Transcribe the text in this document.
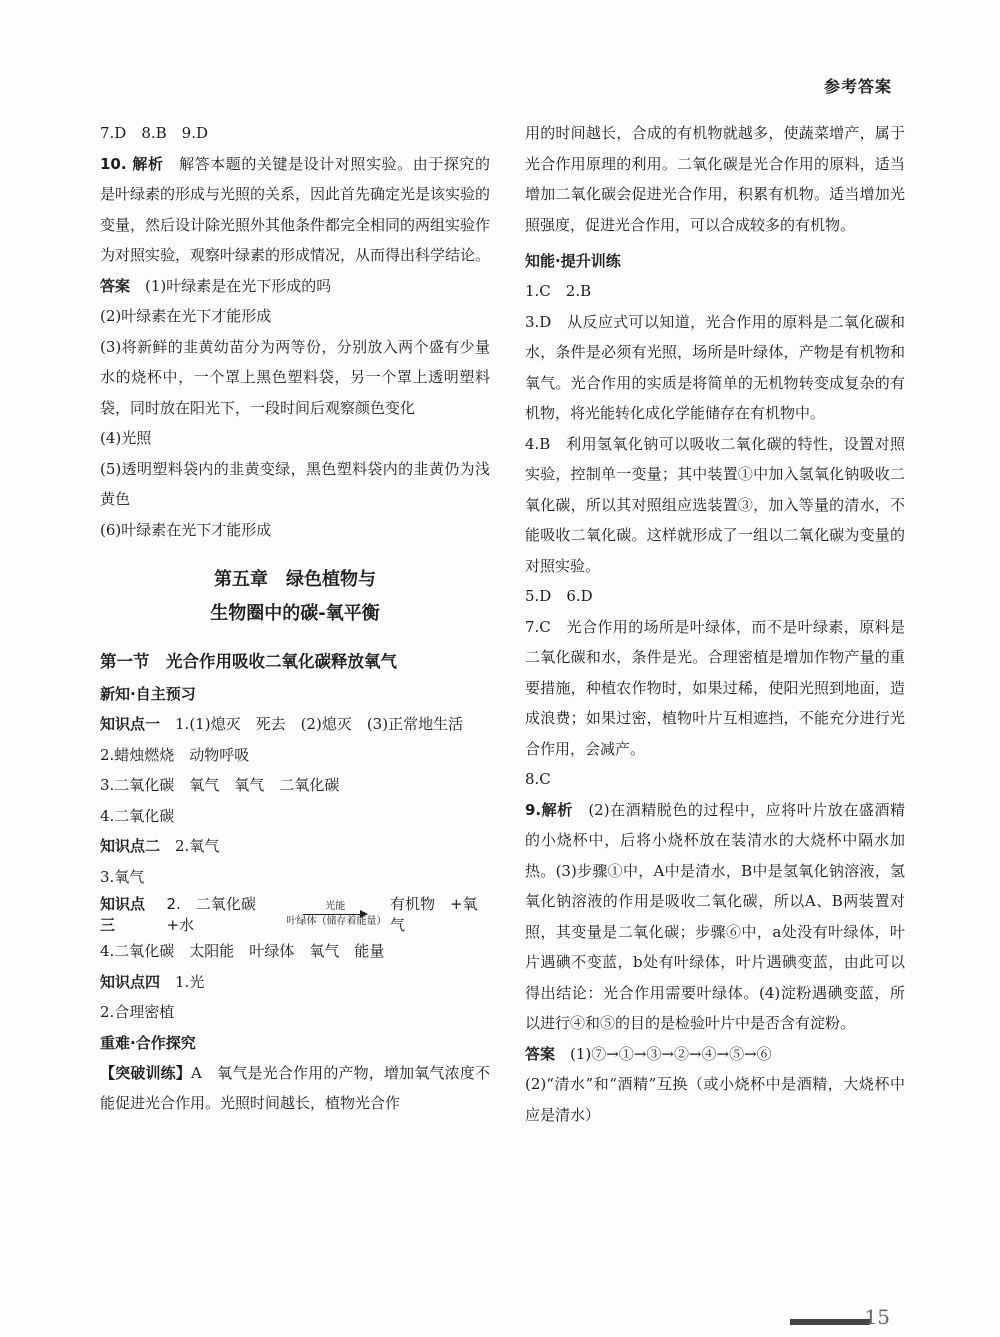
参考答案

7.D　8.B　9.D

10. 解析　解答本题的关键是设计对照实验。由于探究的是叶绿素的形成与光照的关系，因此首先确定光是该实验的变量，然后设计除光照外其他条件都完全相同的两组实验作为对照实验，观察叶绿素的形成情况，从而得出科学结论。

答案　(1)叶绿素是在光下形成的吗

(2)叶绿素在光下才能形成

(3)将新鲜的韭黄幼苗分为两等份，分别放入两个盛有少量水的烧杯中，一个罩上黑色塑料袋，另一个罩上透明塑料袋，同时放在阳光下，一段时间后观察颜色变化

(4)光照

(5)透明塑料袋内的韭黄变绿，黑色塑料袋内的韭黄仍为浅黄色

(6)叶绿素在光下才能形成

第五章　绿色植物与
生物圈中的碳-氧平衡
第一节　光合作用吸收二氧化碳释放氧气
新知·自主预习

知识点一　1.(1)熄灭　死去　(2)熄灭　(3)正常地生活

2.蜡烛燃烧　动物呼吸

3.二氧化碳　氧气　氧气　二氧化碳

4.二氧化碳

知识点二　2.氧气

3.氧气

知识点三
2.　二氧化碳+水
光能
叶绿体（储存着能量）
有机物　+氧气

4.二氧化碳　太阳能　叶绿体　氧气　能量

知识点四　1.光

2.合理密植

重难·合作探究

【突破训练】A　氧气是光合作用的产物，增加氧气浓度不能促进光合作用。光照时间越长，植物光合作

用的时间越长，合成的有机物就越多，使蔬菜增产，属于光合作用原理的利用。二氧化碳是光合作用的原料，适当增加二氧化碳会促进光合作用，积累有机物。适当增加光照强度，促进光合作用，可以合成较多的有机物。

知能·提升训练

1.C　2.B

3.D　从反应式可以知道，光合作用的原料是二氧化碳和水，条件是必须有光照，场所是叶绿体，产物是有机物和氧气。光合作用的实质是将简单的无机物转变成复杂的有机物，将光能转化成化学能储存在有机物中。

4.B　利用氢氧化钠可以吸收二氧化碳的特性，设置对照实验，控制单一变量；其中装置①中加入氢氧化钠吸收二氧化碳，所以其对照组应选装置③，加入等量的清水，不能吸收二氧化碳。这样就形成了一组以二氧化碳为变量的对照实验。

5.D　6.D

7.C　光合作用的场所是叶绿体，而不是叶绿素，原料是二氧化碳和水，条件是光。合理密植是增加作物产量的重要措施，种植农作物时，如果过稀，使阳光照到地面，造成浪费；如果过密，植物叶片互相遮挡，不能充分进行光合作用，会减产。

8.C

9.解析　(2)在酒精脱色的过程中，应将叶片放在盛酒精的小烧杯中，后将小烧杯放在装清水的大烧杯中隔水加热。(3)步骤①中，A中是清水，B中是氢氧化钠溶液，氢氧化钠溶液的作用是吸收二氧化碳，所以A、B两装置对照，其变量是二氧化碳；步骤⑥中，a处没有叶绿体，叶片遇碘不变蓝，b处有叶绿体，叶片遇碘变蓝，由此可以得出结论：光合作用需要叶绿体。(4)淀粉遇碘变蓝，所以进行④和⑤的目的是检验叶片中是否含有淀粉。

答案　(1)⑦→①→③→②→④→⑤→⑥

(2)“清水”和“酒精”互换（或小烧杯中是酒精，大烧杯中应是清水）

15
